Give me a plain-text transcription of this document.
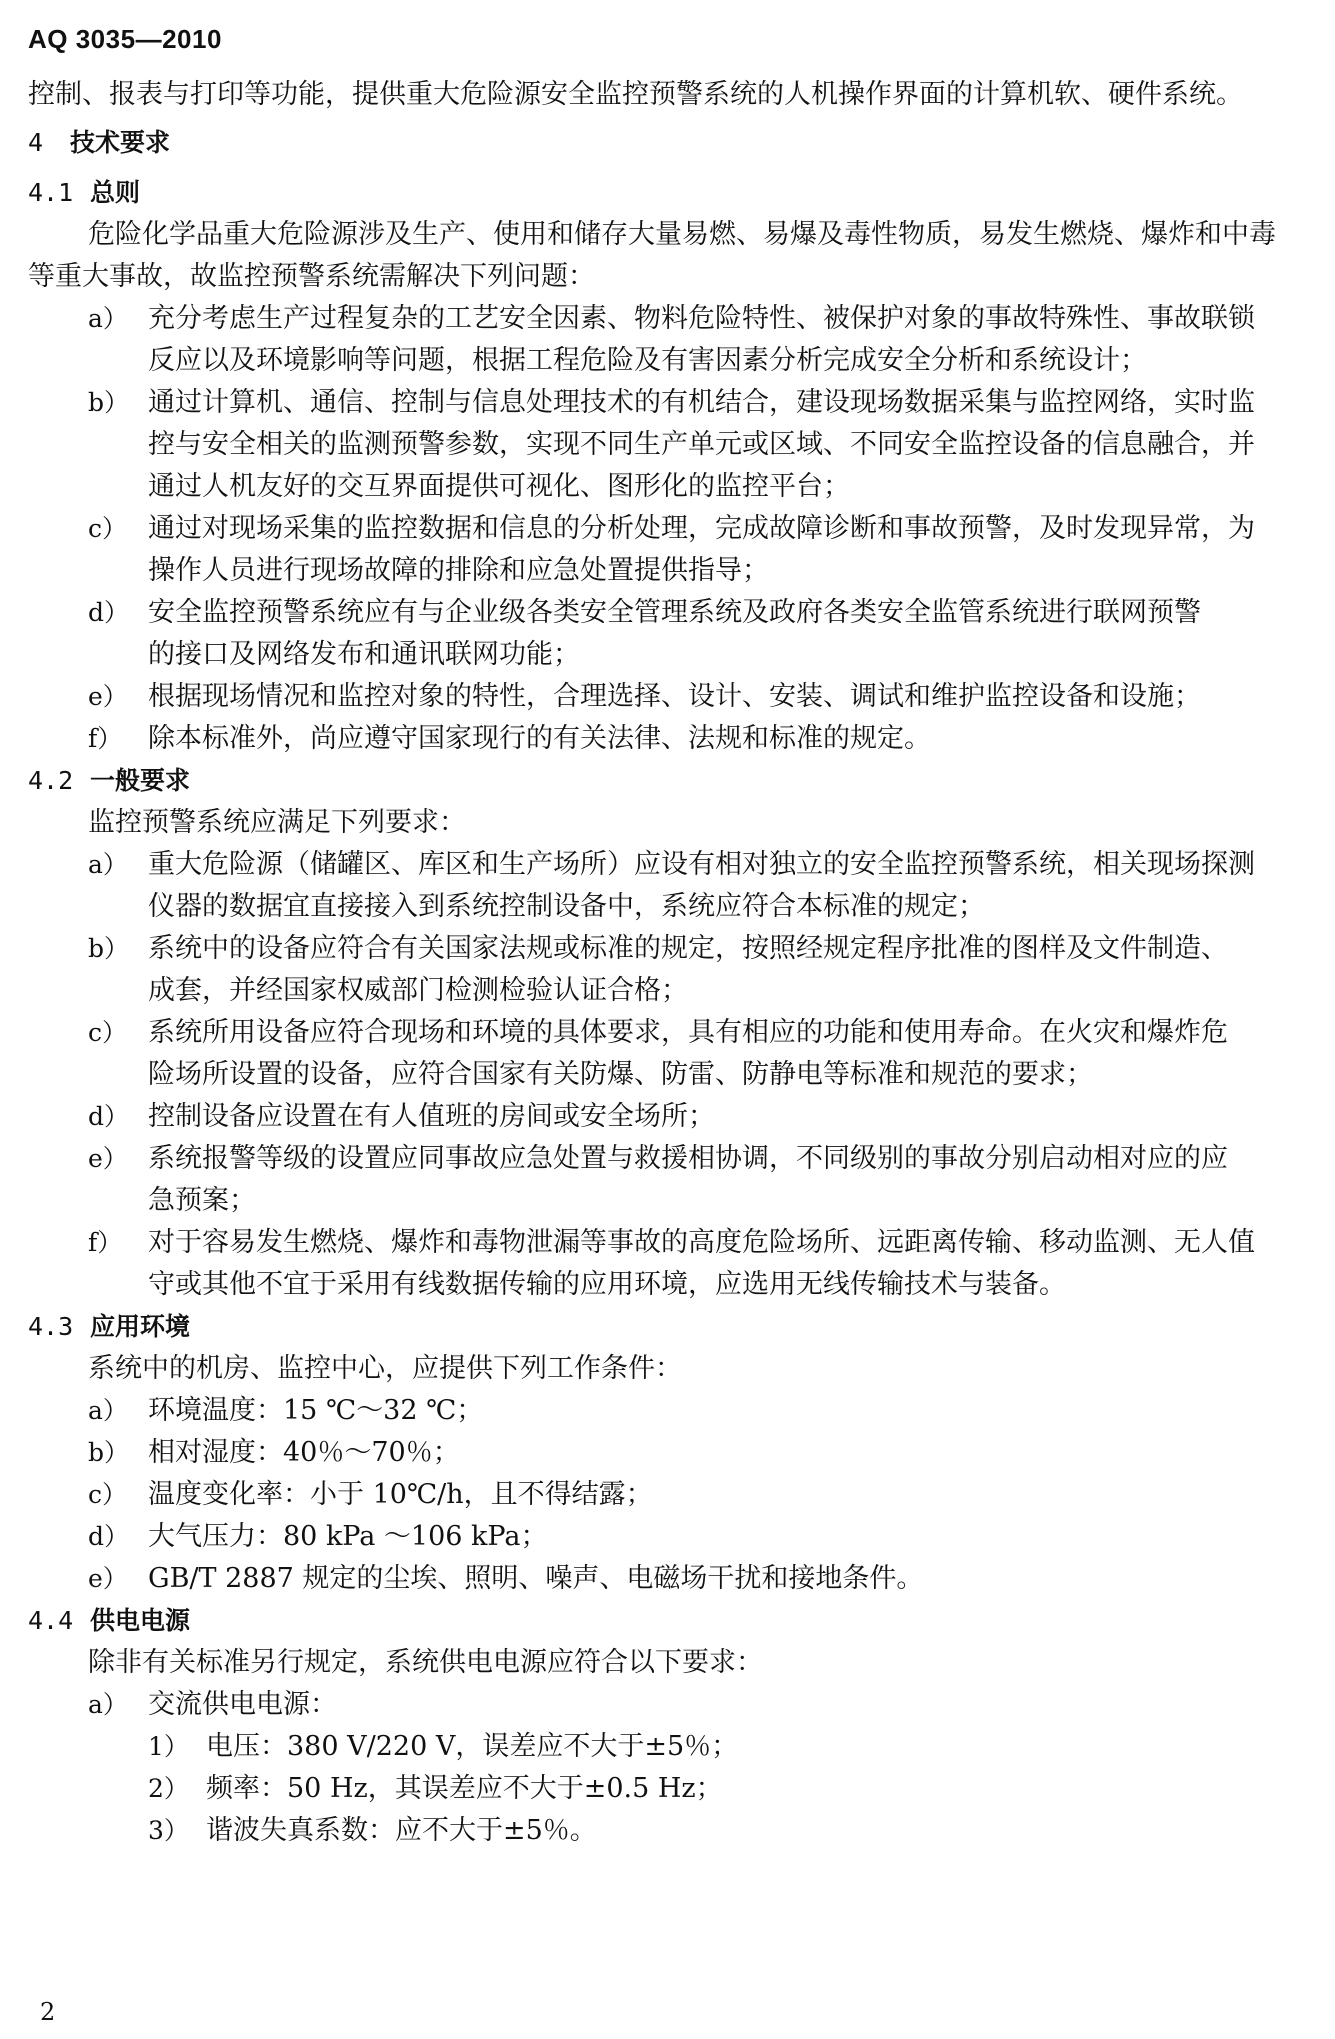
AQ 3035—2010
控制、报表与打印等功能，提供重大危险源安全监控预警系统的人机操作界面的计算机软、硬件系统。
4 技术要求
4.1 总则
危险化学品重大危险源涉及生产、使用和储存大量易燃、易爆及毒性物质，易发生燃烧、爆炸和中毒
等重大事故，故监控预警系统需解决下列问题：
a） 充分考虑生产过程复杂的工艺安全因素、物料危险特性、被保护对象的事故特殊性、事故联锁
反应以及环境影响等问题，根据工程危险及有害因素分析完成安全分析和系统设计；
b） 通过计算机、通信、控制与信息处理技术的有机结合，建设现场数据采集与监控网络，实时监
控与安全相关的监测预警参数，实现不同生产单元或区域、不同安全监控设备的信息融合，并
通过人机友好的交互界面提供可视化、图形化的监控平台；
c） 通过对现场采集的监控数据和信息的分析处理，完成故障诊断和事故预警，及时发现异常，为
操作人员进行现场故障的排除和应急处置提供指导；
d） 安全监控预警系统应有与企业级各类安全管理系统及政府各类安全监管系统进行联网预警
的接口及网络发布和通讯联网功能；
e） 根据现场情况和监控对象的特性，合理选择、设计、安装、调试和维护监控设备和设施；
f） 除本标准外，尚应遵守国家现行的有关法律、法规和标准的规定。
4.2 一般要求
监控预警系统应满足下列要求：
a） 重大危险源（储罐区、库区和生产场所）应设有相对独立的安全监控预警系统，相关现场探测
仪器的数据宜直接接入到系统控制设备中，系统应符合本标准的规定；
b） 系统中的设备应符合有关国家法规或标准的规定，按照经规定程序批准的图样及文件制造、
成套，并经国家权威部门检测检验认证合格；
c） 系统所用设备应符合现场和环境的具体要求，具有相应的功能和使用寿命。在火灾和爆炸危
险场所设置的设备，应符合国家有关防爆、防雷、防静电等标准和规范的要求；
d） 控制设备应设置在有人值班的房间或安全场所；
e） 系统报警等级的设置应同事故应急处置与救援相协调，不同级别的事故分别启动相对应的应
急预案；
f） 对于容易发生燃烧、爆炸和毒物泄漏等事故的高度危险场所、远距离传输、移动监测、无人值
守或其他不宜于采用有线数据传输的应用环境，应选用无线传输技术与装备。
4.3 应用环境
系统中的机房、监控中心，应提供下列工作条件：
a） 环境温度：15 ℃～32 ℃；
b） 相对湿度：40％～70％；
c） 温度变化率：小于 10℃/h，且不得结露；
d） 大气压力：80 kPa ～106 kPa；
e） GB/T 2887 规定的尘埃、照明、噪声、电磁场干扰和接地条件。
4.4 供电电源
除非有关标准另行规定，系统供电电源应符合以下要求：
a） 交流供电电源：
1） 电压：380 V/220 V，误差应不大于±5％；
2） 频率：50 Hz，其误差应不大于±0.5 Hz；
3） 谐波失真系数：应不大于±5％。
2
